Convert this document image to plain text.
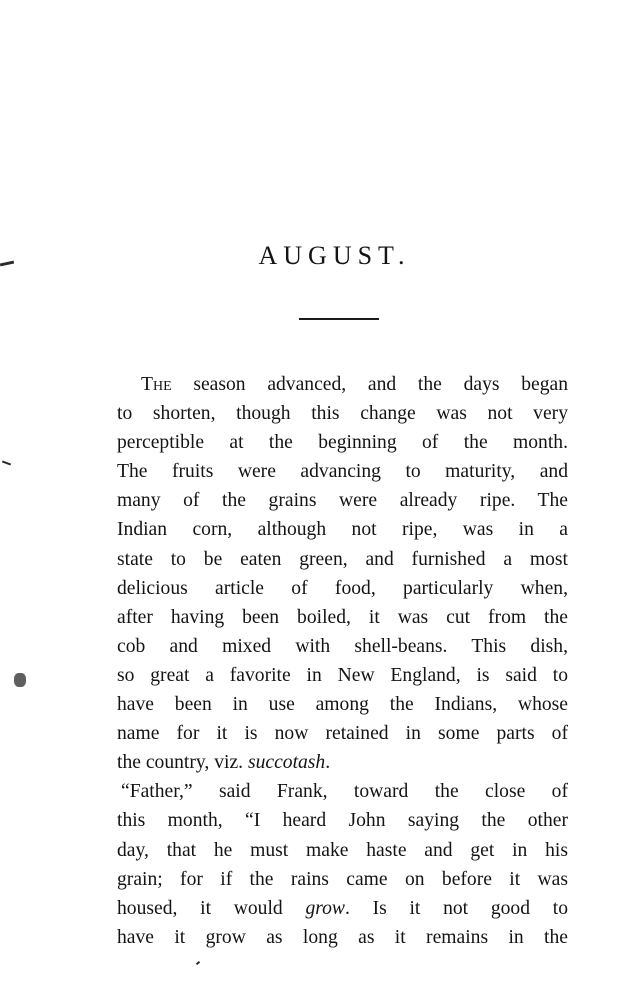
AUGUST.
The season advanced, and the days began
to shorten, though this change was not very
perceptible at the beginning of the month.
The fruits were advancing to maturity, and
many of the grains were already ripe. The
Indian corn, although not ripe, was in a
state to be eaten green, and furnished a most
delicious article of food, particularly when,
after having been boiled, it was cut from the
cob and mixed with shell-beans. This dish,
so great a favorite in New England, is said to
have been in use among the Indians, whose
name for it is now retained in some parts of
the country, viz. succotash.
“Father,” said Frank, toward the close of
this month, “I heard John saying the other
day, that he must make haste and get in his
grain; for if the rains came on before it was
housed, it would grow. Is it not good to
have it grow as long as it remains in the
